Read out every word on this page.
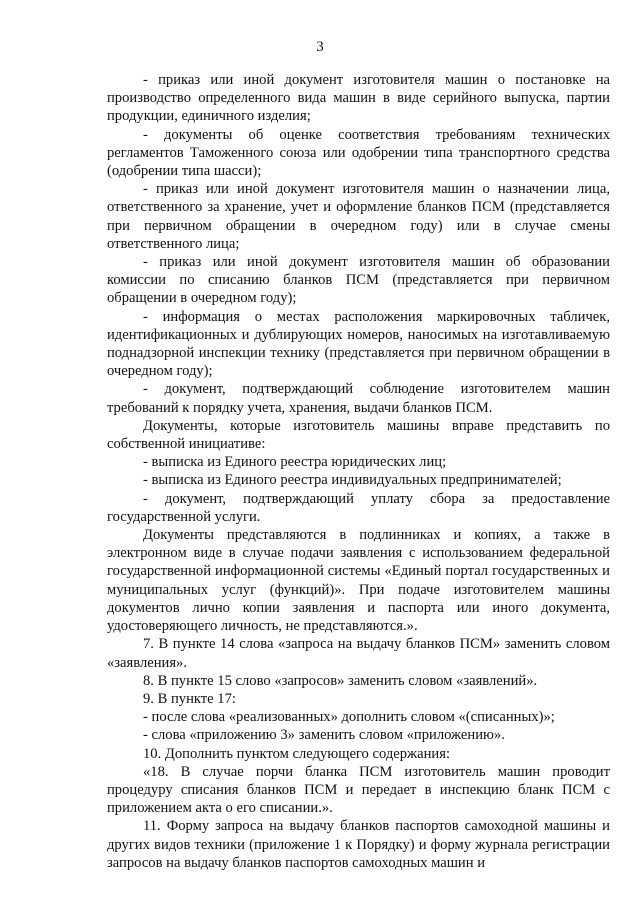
3

- приказ или иной документ изготовителя машин о постановке на производство определенного вида машин в виде серийного выпуска, партии продукции, единичного изделия;

- документы об оценке соответствия требованиям технических регламентов Таможенного союза или одобрении типа транспортного средства (одобрении типа шасси);

- приказ или иной документ изготовителя машин о назначении лица, ответственного за хранение, учет и оформление бланков ПСМ (представляется при первичном обращении в очередном году) или в случае смены ответственного лица;

- приказ или иной документ изготовителя машин об образовании комиссии по списанию бланков ПСМ (представляется при первичном обращении в очередном году);

- информация о местах расположения маркировочных табличек, идентификационных и дублирующих номеров, наносимых на изготавливаемую поднадзорной инспекции технику (представляется при первичном обращении в очередном году);

- документ, подтверждающий соблюдение изготовителем машин требований к порядку учета, хранения, выдачи бланков ПСМ.

Документы, которые изготовитель машины вправе представить по собственной инициативе:

- выписка из Единого реестра юридических лиц;

- выписка из Единого реестра индивидуальных предпринимателей;

- документ, подтверждающий уплату сбора за предоставление государственной услуги.

Документы представляются в подлинниках и копиях, а также в электронном виде в случае подачи заявления с использованием федеральной государственной информационной системы «Единый портал государственных и муниципальных услуг (функций)». При подаче изготовителем машины документов лично копии заявления и паспорта или иного документа, удостоверяющего личность, не представляются.».

7. В пункте 14 слова «запроса на выдачу бланков ПСМ» заменить словом «заявления».

8. В пункте 15 слово «запросов» заменить словом «заявлений».

9. В пункте 17:

- после слова «реализованных» дополнить словом «(списанных)»;

- слова «приложению 3» заменить словом «приложению».

10. Дополнить пунктом следующего содержания:

«18. В случае порчи бланка ПСМ изготовитель машин проводит процедуру списания бланков ПСМ и передает в инспекцию бланк ПСМ с приложением акта о его списании.».

11. Форму запроса на выдачу бланков паспортов самоходной машины и других видов техники (приложение 1 к Порядку) и форму журнала регистрации запросов на выдачу бланков паспортов самоходных машин и
